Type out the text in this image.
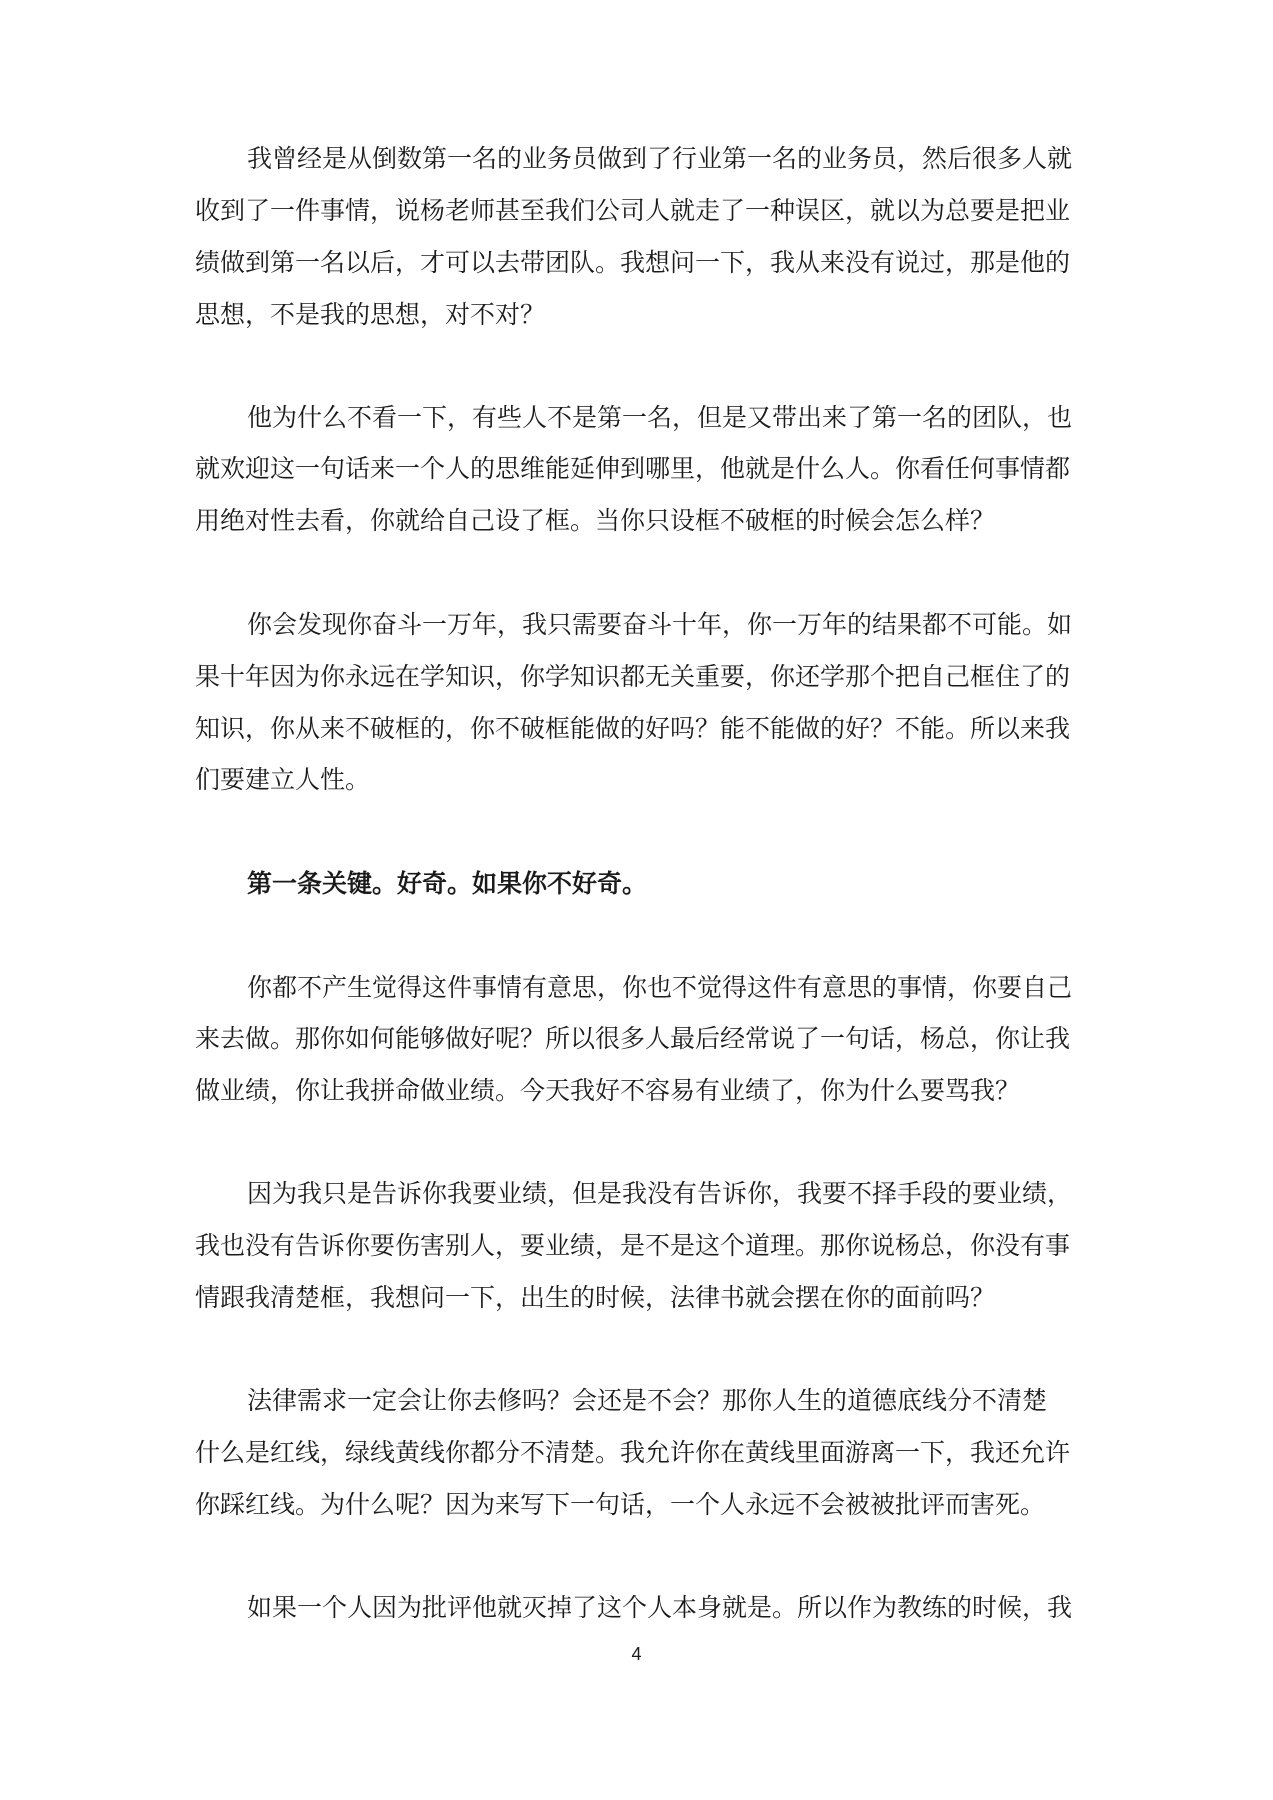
我曾经是从倒数第一名的业务员做到了行业第一名的业务员，然后很多人就

收到了一件事情，说杨老师甚至我们公司人就走了一种误区，就以为总要是把业

绩做到第一名以后，才可以去带团队。我想问一下，我从来没有说过，那是他的

思想，不是我的思想，对不对？

他为什么不看一下，有些人不是第一名，但是又带出来了第一名的团队，也

就欢迎这一句话来一个人的思维能延伸到哪里，他就是什么人。你看任何事情都

用绝对性去看，你就给自己设了框。当你只设框不破框的时候会怎么样？

你会发现你奋斗一万年，我只需要奋斗十年，你一万年的结果都不可能。如

果十年因为你永远在学知识，你学知识都无关重要，你还学那个把自己框住了的

知识，你从来不破框的，你不破框能做的好吗？能不能做的好？不能。所以来我

们要建立人性。

第一条关键。好奇。如果你不好奇。

你都不产生觉得这件事情有意思，你也不觉得这件有意思的事情，你要自己

来去做。那你如何能够做好呢？所以很多人最后经常说了一句话，杨总，你让我

做业绩，你让我拼命做业绩。今天我好不容易有业绩了，你为什么要骂我？

因为我只是告诉你我要业绩，但是我没有告诉你，我要不择手段的要业绩，

我也没有告诉你要伤害别人，要业绩，是不是这个道理。那你说杨总，你没有事

情跟我清楚框，我想问一下，出生的时候，法律书就会摆在你的面前吗？

法律需求一定会让你去修吗？会还是不会？那你人生的道德底线分不清楚

什么是红线，绿线黄线你都分不清楚。我允许你在黄线里面游离一下，我还允许

你踩红线。为什么呢？因为来写下一句话，一个人永远不会被被批评而害死。

如果一个人因为批评他就灭掉了这个人本身就是。所以作为教练的时候，我

4
